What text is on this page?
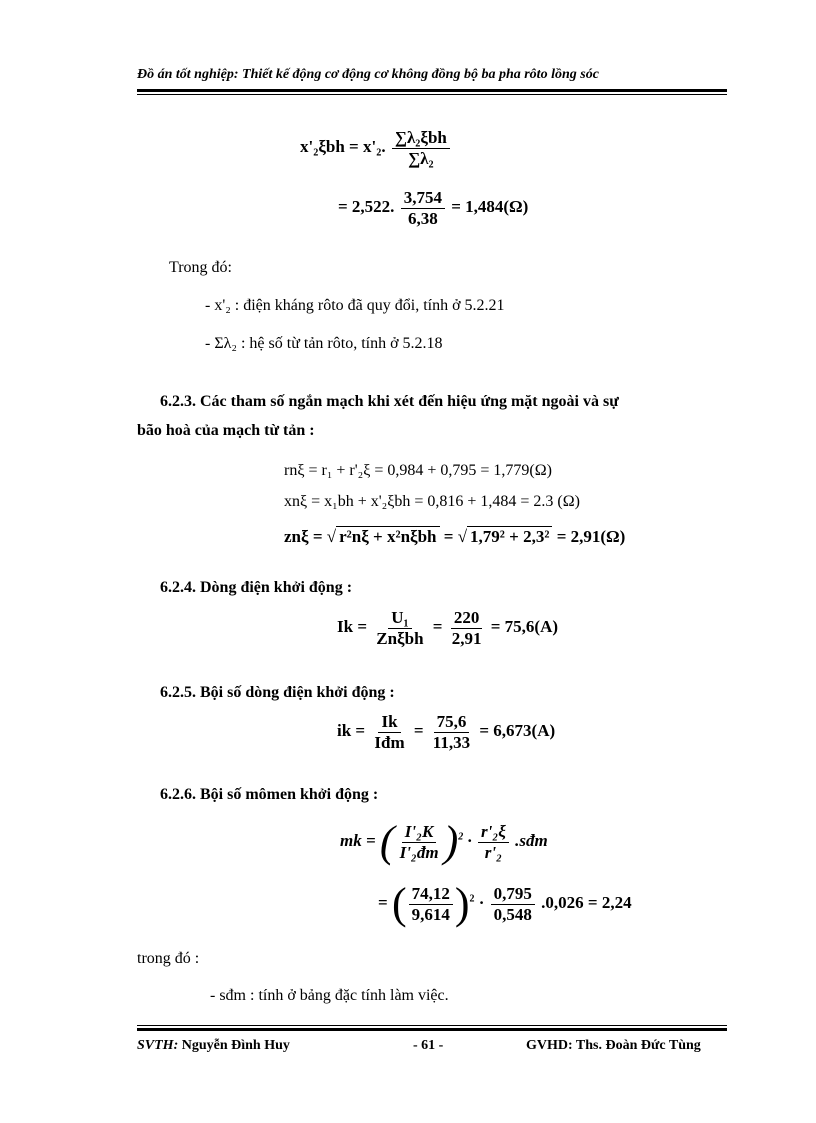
Đồ án tốt nghiệp: Thiết kế động cơ động cơ không đồng bộ ba pha rôto lồng sóc
x'₂ξbh = x'₂. $\frac{\text{∑λ₂ξbh}}{\text{∑λ₂}}$
= 2,522. $\frac{3,754}{6,38} = 1,484(\Omega)$
Trong đó:
- x'₂ : điện kháng rôto đã quy đổi, tính ở 5.2.21
- Σλ₂ : hệ số từ tản rôto, tính ở 5.2.18
6.2.3. Các tham số ngắn mạch khi xét đến hiệu ứng mặt ngoài và sự
bão hoà của mạch từ tản :
rnξ = r₁ + r'₂ξ = 0,984 + 0,795 = 1,779(Ω)
xnξ = x₁bh + x'₂ξbh = 0,816 + 1,484 = 2.3 (Ω)
znξ = √ r²nξ + x²nξbh = √ 1,79² + 2,3² = 2,91(Ω)
6.2.4. Dòng điện khởi động :
$Ik = \frac{\text{U₁}}{\text{Znξbh}} = \frac{220}{2,91} = 75,6(A)$
6.2.5. Bội số dòng điện khởi động :
ik = $\frac{Ik}{\text{Iđm}} = \frac{75,6}{11,33} = 6,673(A)$
6.2.6. Bội số mômen khởi động :
mk = ( $\frac{\text{I'₂K}}{\text{I'₂đm}} )^2 \cdot \frac{\text{r'₂ξ}}{\text{r'₂}}$ .sđm
= ( $\frac{74,12}{9,614} )^2 \cdot \frac{0,795}{0,548} .0,026 = 2,24$
trong đó :
- sđm : tính ở bảng đặc tính làm việc.
SVTH: Nguyễn Đình Huy	- 61 -	GVHD: Ths. Đoàn Đức Tùng
